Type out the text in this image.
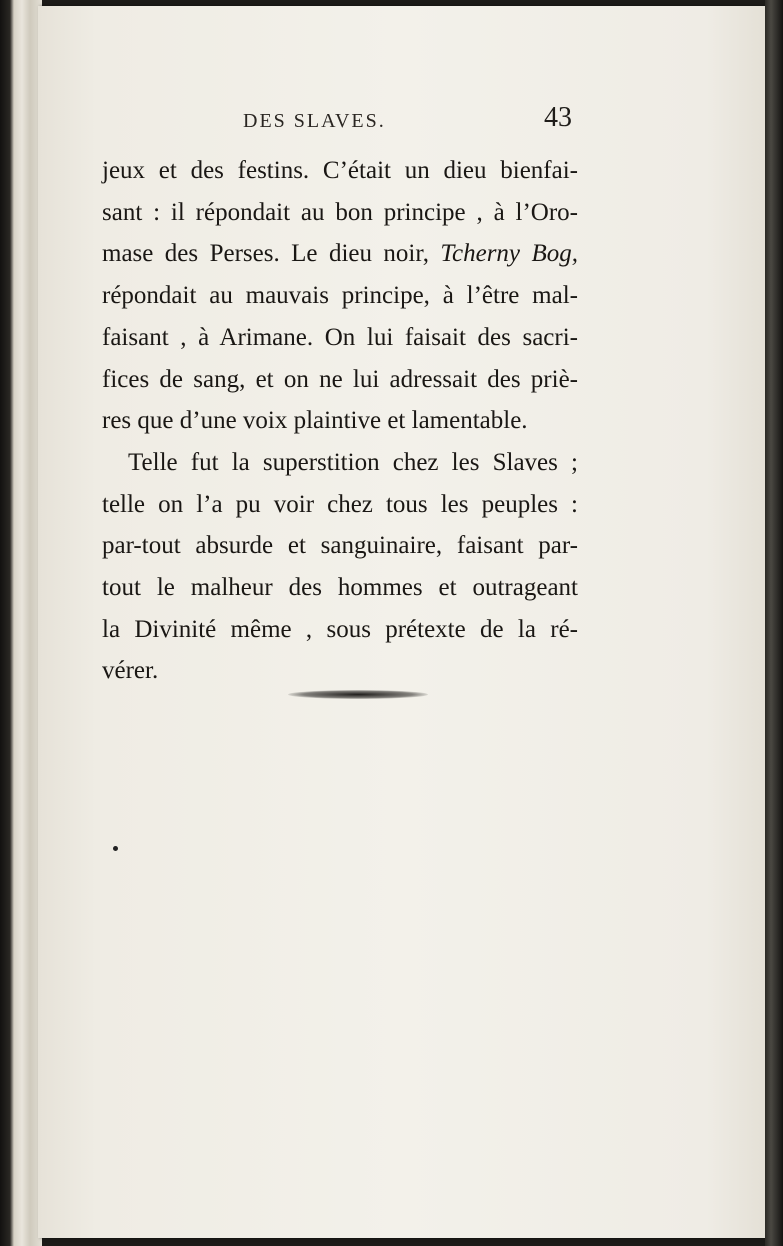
DES SLAVES.	43
jeux et des festins. C’était un dieu bienfai-
sant : il répondait au bon principe , à l’Oro-
mase des Perses. Le dieu noir, Tcherny Bog,
répondait au mauvais principe, à l’être mal-
faisant , à Arimane. On lui faisait des sacri-
fices de sang, et on ne lui adressait des priè-
res que d’une voix plaintive et lamentable.
Telle fut la superstition chez les Slaves ;
telle on l’a pu voir chez tous les peuples :
par-tout absurde et sanguinaire, faisant par-
tout le malheur des hommes et outrageant
la Divinité même , sous prétexte de la ré-
vérer.
